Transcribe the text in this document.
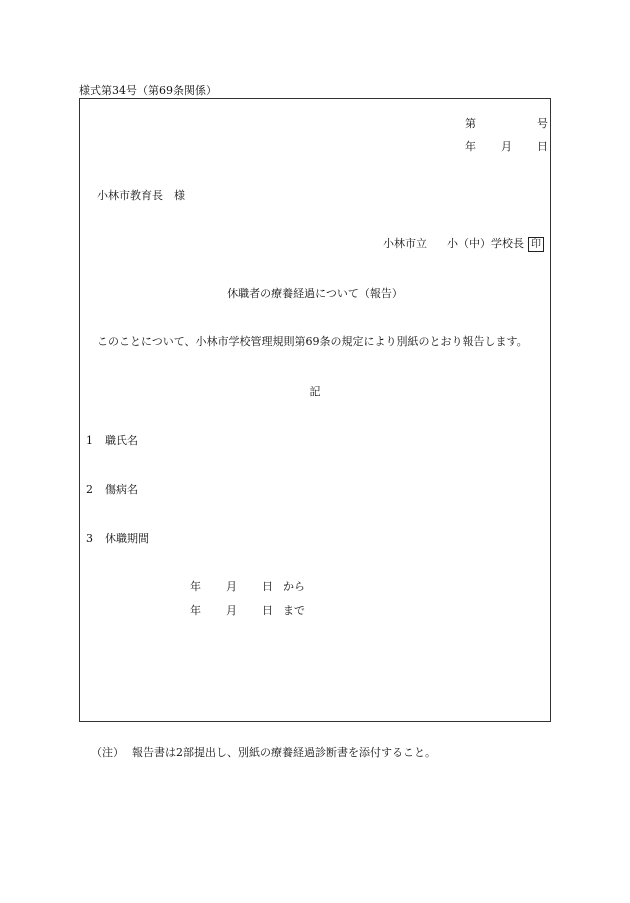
様式第34号（第69条関係）
第	号
年 月 日
小林市教育長　様
小林市立 小（中）学校長 印
休職者の療養経過について（報告）
このことについて、小林市学校管理規則第69条の規定により別紙のとおり報告します。
記
1 職氏名
2 傷病名
3 休職期間
年 月 日 から
年 月 日 まで
（注） 報告書は2部提出し、別紙の療養経過診断書を添付すること。
